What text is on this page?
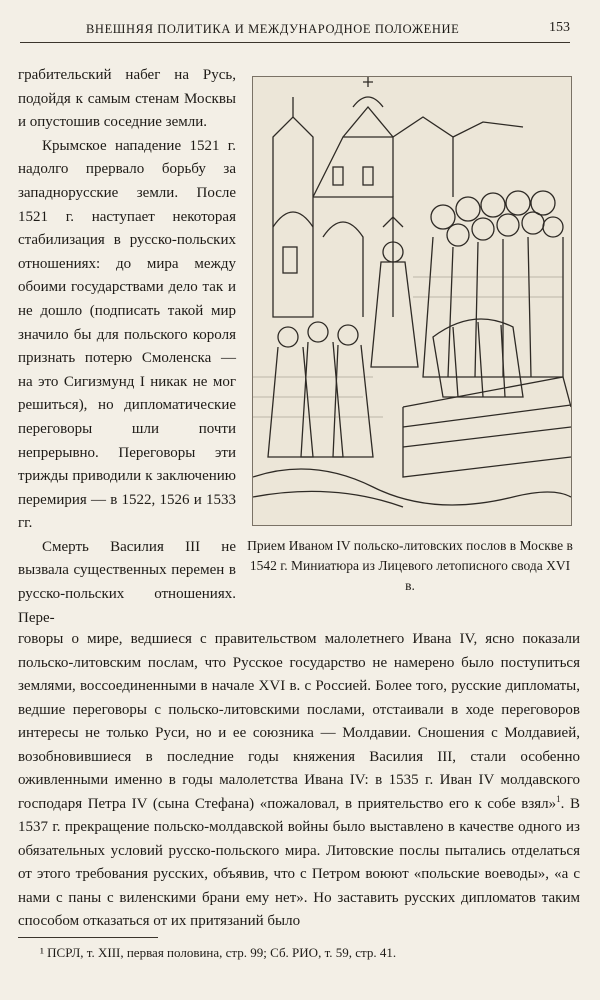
ВНЕШНЯЯ ПОЛИТИКА И МЕЖДУНАРОДНОЕ ПОЛОЖЕНИЕ	153

грабительский набег на Русь, подойдя к самым стенам Москвы и опустошив соседние земли.

Крымское нападение 1521 г. надолго прервало борьбу за западнорусские земли. После 1521 г. наступает некоторая стабилизация в русско-польских отношениях: до мира между обоими государствами дело так и не дошло (подписать такой мир значило бы для польского короля признать потерю Смоленска — на это Сигизмунд I никак не мог решиться), но дипломатические переговоры шли почти непрерывно. Переговоры эти трижды приводили к заключению перемирия — в 1522, 1526 и 1533 гг.

Смерть Василия III не вызвала существенных перемен в русско-польских отношениях. Пере-

Прием Иваном IV польско-литовских послов в Москве в 1542 г. Миниатюра из Лицевого летописного свода XVI в.
говоры о мире, ведшиеся с правительством малолетнего Ивана IV, ясно показали польско-литовским послам, что Русское государство не намерено было поступиться землями, воссоединенными в начале XVI в. с Россией. Более того, русские дипломаты, ведшие переговоры с польско-литовскими послами, отстаивали в ходе переговоров интересы не только Руси, но и ее союзника — Молдавии. Сношения с Молдавией, возобновившиеся в последние годы княжения Василия III, стали особенно оживленными именно в годы малолетства Ивана IV: в 1535 г. Иван IV молдавского господаря Петра IV (сына Стефана) «пожаловал, в приятельство его к собе взял»$^1$. В 1537 г. прекращение польско-молдавской войны было выставлено в качестве одного из обязательных условий русско-польского мира. Литовские послы пытались отделаться от этого требования русских, объявив, что с Петром воюют «польские воеводы», «а с нами с паны с виленскими брани ему нет». Но заставить русских дипломатов таким способом отказаться от их притязаний было
¹ ПСРЛ, т. XIII, первая половина, стр. 99; Сб. РИО, т. 59, стр. 41.
